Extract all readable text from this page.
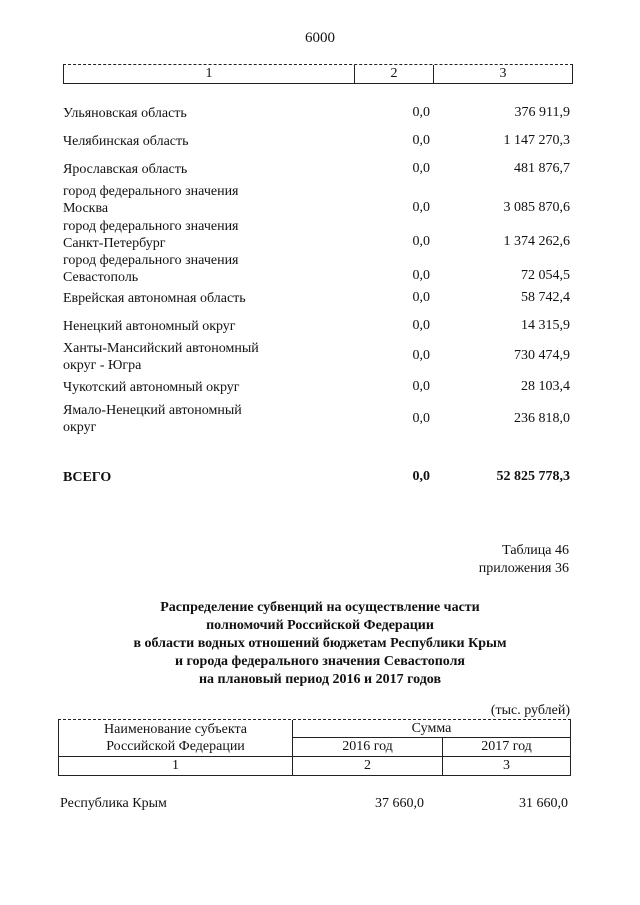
6000
1	2	3
Ульяновская область	0,0	376 911,9
Челябинская область	0,0	1 147 270,3
Ярославская область	0,0	481 876,7
город федерального значения
Москва	0,0	3 085 870,6
город федерального значения
Санкт-Петербург	0,0	1 374 262,6
город федерального значения
Севастополь	0,0	72 054,5
Еврейская автономная область	0,0	58 742,4
Ненецкий автономный округ	0,0	14 315,9
Ханты-Мансийский автономный
округ - Югра
0,0	730 474,9
Чукотский автономный округ	0,0	28 103,4
Ямало-Ненецкий автономный
округ
0,0	236 818,0
ВСЕГО	0,0	52 825 778,3
Таблица 46
приложения 36
Распределение субвенций на осуществление части
полномочий Российской Федерации
в области водных отношений бюджетам Республики Крым
и города федерального значения Севастополя
на плановый период 2016 и 2017 годов
(тыс. рублей)
Наименование субъекта
Российской Федерации
Сумма
2016 год	2017 год
1	2	3
Республика Крым	37 660,0	31 660,0
